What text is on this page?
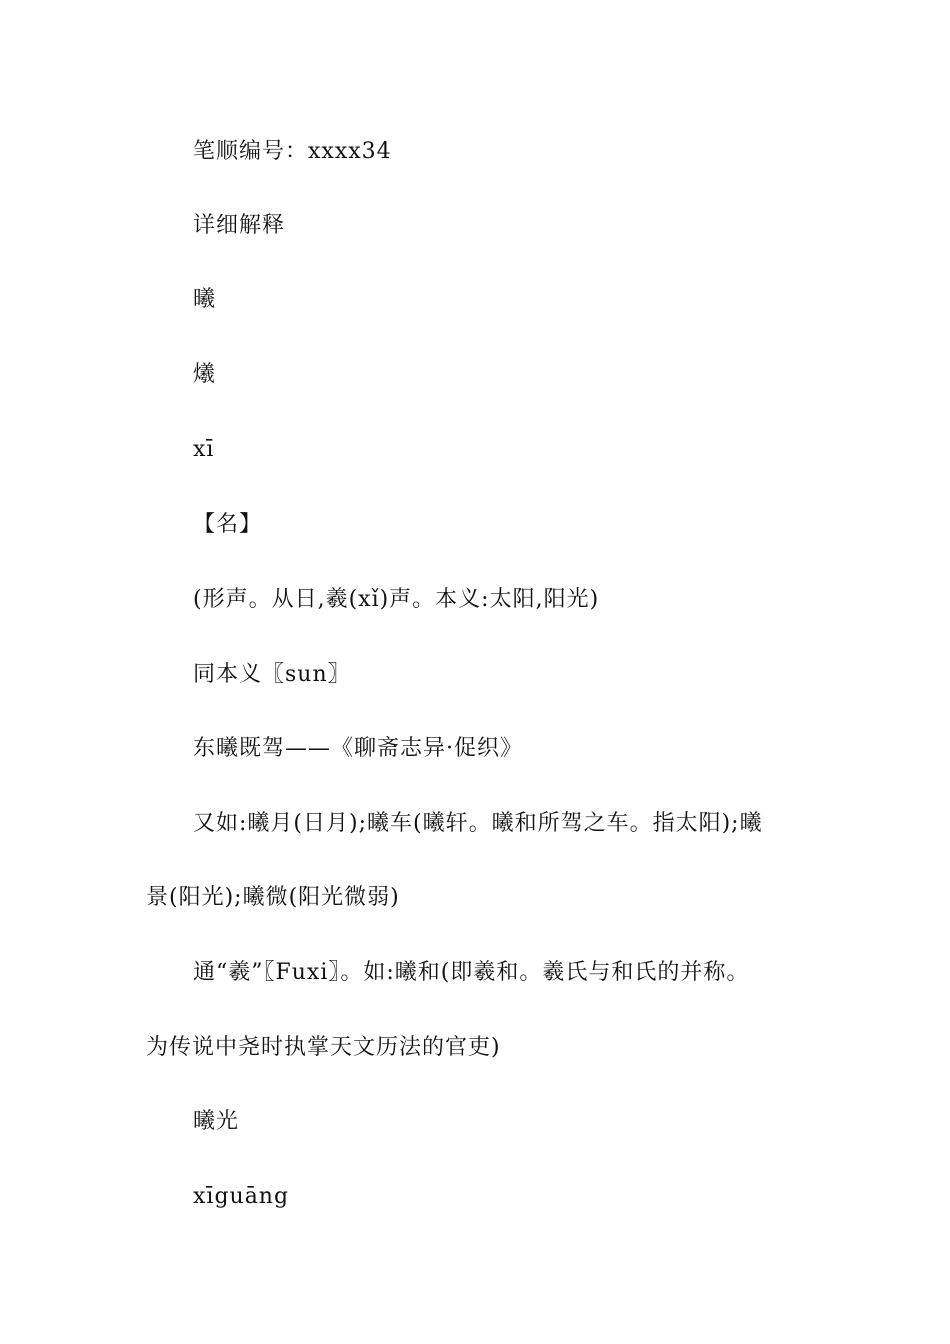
笔顺编号：xxxx34
详细解释
曦
爔
xī
【名】
(形声。从日,羲(xǐ)声。本义:太阳,阳光)
同本义〖sun〗
东曦既驾——《聊斋志异·促织》
又如:曦月(日月);曦车(曦轩。曦和所驾之车。指太阳);曦
景(阳光);曦微(阳光微弱)
通“羲”〖Fuxi〗。如:曦和(即羲和。羲氏与和氏的并称。
为传说中尧时执掌天文历法的官吏)
曦光
xīguāng
